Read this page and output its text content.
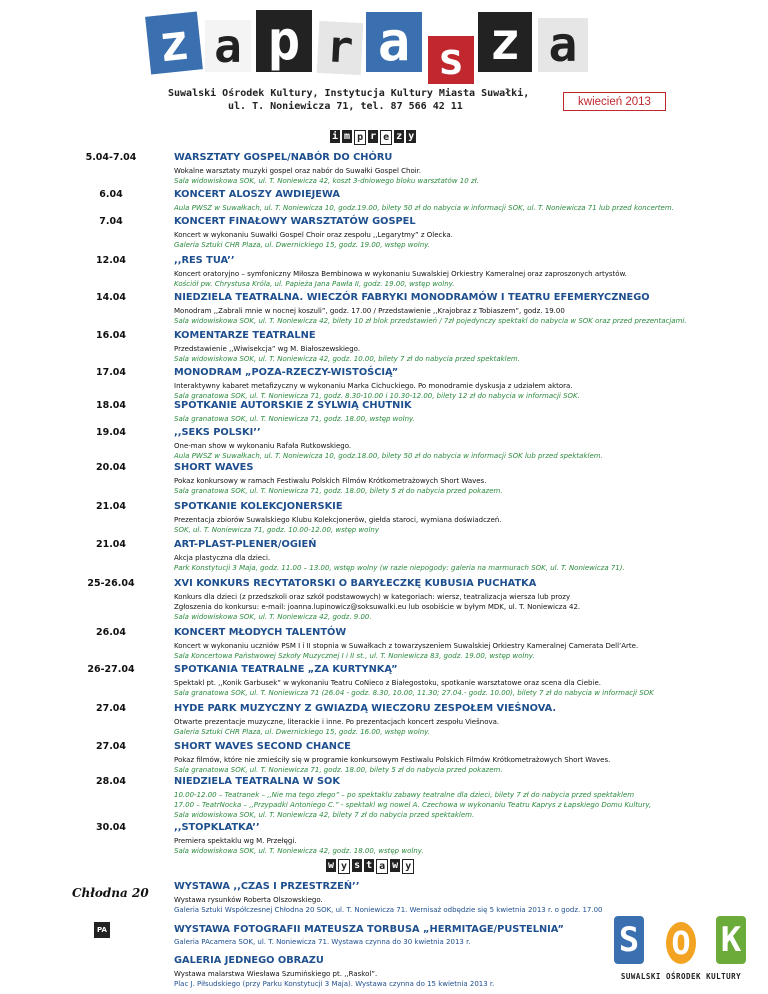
z a p r a s z a
Suwalski Ośrodek Kultury, Instytucja Kultury Miasta Suwałki,
ul. T. Noniewicza 71, tel. 87 566 42 11	kwiecień 2013
i m p r e z y
5.04-7.04	WARSZTATY GOSPEL/NABÓR DO CHÓRU
Wokalne warsztaty muzyki gospel oraz nabór do Suwałki Gospel Choir.
Sala widowiskowa SOK, ul. T. Noniewicza 42, koszt 3-dniowego bloku warsztatów 10 zł.
6.04	KONCERT ALOSZY AWDIEJEWA
Aula PWSZ w Suwałkach, ul. T. Noniewicza 10, godz.19.00, bilety 50 zł do nabycia w informacji SOK, ul. T. Noniewicza 71 lub przed koncertem.
7.04	KONCERT FINAŁOWY WARSZTATÓW GOSPEL
Koncert w wykonaniu Suwałki Gospel Choir oraz zespołu ,,Legarytmy” z Olecka.
Galeria Sztuki CHR Plaza, ul. Dwernickiego 15, godz. 19.00, wstęp wolny.
12.04	,,RES TUA’’
Koncert oratoryjno – symfoniczny Miłosza Bembinowa w wykonaniu Suwalskiej Orkiestry Kameralnej oraz zaproszonych artystów.
Kościół pw. Chrystusa Króla, ul. Papieża Jana Pawła II, godz. 19.00, wstęp wolny.
14.04	NIEDZIELA TEATRALNA. WIECZÓR FABRYKI MONODRAMÓW I TEATRU EFEMERYCZNEGO
Monodram ,,Zabrali mnie w nocnej koszuli”, godz. 17.00 / Przedstawienie ,,Krajobraz z Tobiaszem”, godz. 19.00
Sala widowiskowa SOK, ul. T. Noniewicza 42, bilety 10 zł blok przedstawień / 7zł pojedynczy spektakl do nabycia w SOK oraz przed prezentacjami.
16.04	KOMENTARZE TEATRALNE
Przedstawienie ,,Wiwisekcja” wg M. Białoszewskiego.
Sala widowiskowa SOK, ul. T. Noniewicza 42, godz. 10.00, bilety 7 zł do nabycia przed spektaklem.
17.04	MONODRAM „POZA-RZECZY-WISTOŚCIĄ”
Interaktywny kabaret metafizyczny w wykonaniu Marka Cichuckiego. Po monodramie dyskusja z udziałem aktora.
Sala granatowa SOK, ul. T. Noniewicza 71, godz. 8.30-10.00 i 10.30-12.00, bilety 12 zł do nabycia w informacji SOK.
18.04	SPOTKANIE AUTORSKIE Z SYLWIĄ CHUTNIK
Sala granatowa SOK, ul. T. Noniewicza 71, godz. 18.00, wstęp wolny.
19.04	,,SEKS POLSKI’’
One-man show w wykonaniu Rafała Rutkowskiego.
Aula PWSZ w Suwałkach, ul. T. Noniewicza 10, godz.18.00, bilety 50 zł do nabycia w informacji SOK lub przed spektaklem.
20.04	SHORT WAVES
Pokaz konkursowy w ramach Festiwalu Polskich Filmów Krótkometrażowych Short Waves.
Sala granatowa SOK, ul. T. Noniewicza 71, godz. 18.00, bilety 5 zł do nabycia przed pokazem.
21.04	SPOTKANIE KOLEKCJONERSKIE
Prezentacja zbiorów Suwalskiego Klubu Kolekcjonerów, giełda staroci, wymiana doświadczeń.
SOK, ul. T. Noniewicza 71, godz. 10.00-12.00, wstęp wolny
21.04	ART-PLAST-PLENER/OGIEŃ
Akcja plastyczna dla dzieci.
Park Konstytucji 3 Maja, godz. 11.00 – 13.00, wstęp wolny (w razie niepogody: galeria na marmurach SOK, ul. T. Noniewicza 71).
25-26.04	XVI KONKURS RECYTATORSKI O BARYŁECZKĘ KUBUSIA PUCHATKA
Konkurs dla dzieci (z przedszkoli oraz szkół podstawowych) w kategoriach: wiersz, teatralizacja wiersza lub prozy
Zgłoszenia do konkursu: e-mail: joanna.lupinowicz@soksuwalki.eu lub osobiście w byłym MDK, ul. T. Noniewicza 42.
Sala widowiskowa SOK, ul. T. Noniewicza 42, godz. 9.00.
26.04	KONCERT MŁODYCH TALENTÓW
Koncert w wykonaniu uczniów PSM I i II stopnia w Suwałkach z towarzyszeniem Suwalskiej Orkiestry Kameralnej Camerata Dell’Arte.
Sala Koncertowa Państwowej Szkoły Muzycznej I i II st., ul. T. Noniewicza 83, godz. 19.00, wstęp wolny.
26-27.04	SPOTKANIA TEATRALNE „ZA KURTYNKĄ”
Spektakl pt. ,,Konik Garbusek” w wykonaniu Teatru CoNieco z Białegostoku, spotkanie warsztatowe oraz scena dla Ciebie.
Sala granatowa SOK, ul. T. Noniewicza 71 (26.04 - godz. 8.30, 10.00, 11.30; 27.04.- godz. 10.00), bilety 7 zł do nabycia w informacji SOK
27.04	HYDE PARK MUZYCZNY Z GWIAZDĄ WIECZORU ZESPOŁEM VIEŚNOVA.
Otwarte prezentacje muzyczne, literackie i inne. Po prezentacjach koncert zespołu Viešnova.
Galeria Sztuki CHR Plaza, ul. Dwernickiego 15, godz. 16.00, wstęp wolny.
27.04	SHORT WAVES SECOND CHANCE
Pokaz filmów, które nie zmieściły się w programie konkursowym Festiwalu Polskich Filmów Krótkometrażowych Short Waves.
Sala granatowa SOK, ul. T. Noniewicza 71, godz. 18.00, bilety 5 zł do nabycia przed pokazem.
28.04	NIEDZIELA TEATRALNA W SOK
10.00-12.00 – Teatranek – ,,Nie ma tego złego” – po spektaklu zabawy teatralne dla dzieci, bilety 7 zł do nabycia przed spektaklem
17.00 – TeatrNocka – ,,Przypadki Antoniego C.” - spektakl wg nowel A. Czechowa w wykonaniu Teatru Kaprys z Łapskiego Domu Kultury,
Sala widowiskowa SOK, ul. T. Noniewicza 42, bilety 7 zł do nabycia przed spektaklem.
30.04	,,STOPKLATKA’’
Premiera spektaklu wg M. Przełęgi.
Sala widowiskowa SOK, ul. T. Noniewicza 42, godz. 18.00, wstęp wolny.
w y s t a w y
WYSTAWA ,,CZAS I PRZESTRZEŃ’’
Wystawa rysunków Roberta Olszowskiego.
Galeria Sztuki Współczesnej Chłodna 20 SOK, ul. T. Noniewicza 71. Wernisaż odbędzie się 5 kwietnia 2013 r. o godz. 17.00
WYSTAWA FOTOGRAFII MATEUSZA TORBUSA „HERMITAGE/PUSTELNIA”
Galeria PAcamera SOK, ul. T. Noniewicza 71. Wystawa czynna do 30 kwietnia 2013 r.
GALERIA JEDNEGO OBRAZU
Wystawa malarstwa Wiesława Szumińskiego pt. ,,Raskol”.
Plac J. Piłsudskiego (przy Parku Konstytucji 3 Maja). Wystawa czynna do 15 kwietnia 2013 r.
Chłodna 20
PA	S O K
SUWALSKI OŚRODEK KULTURY
